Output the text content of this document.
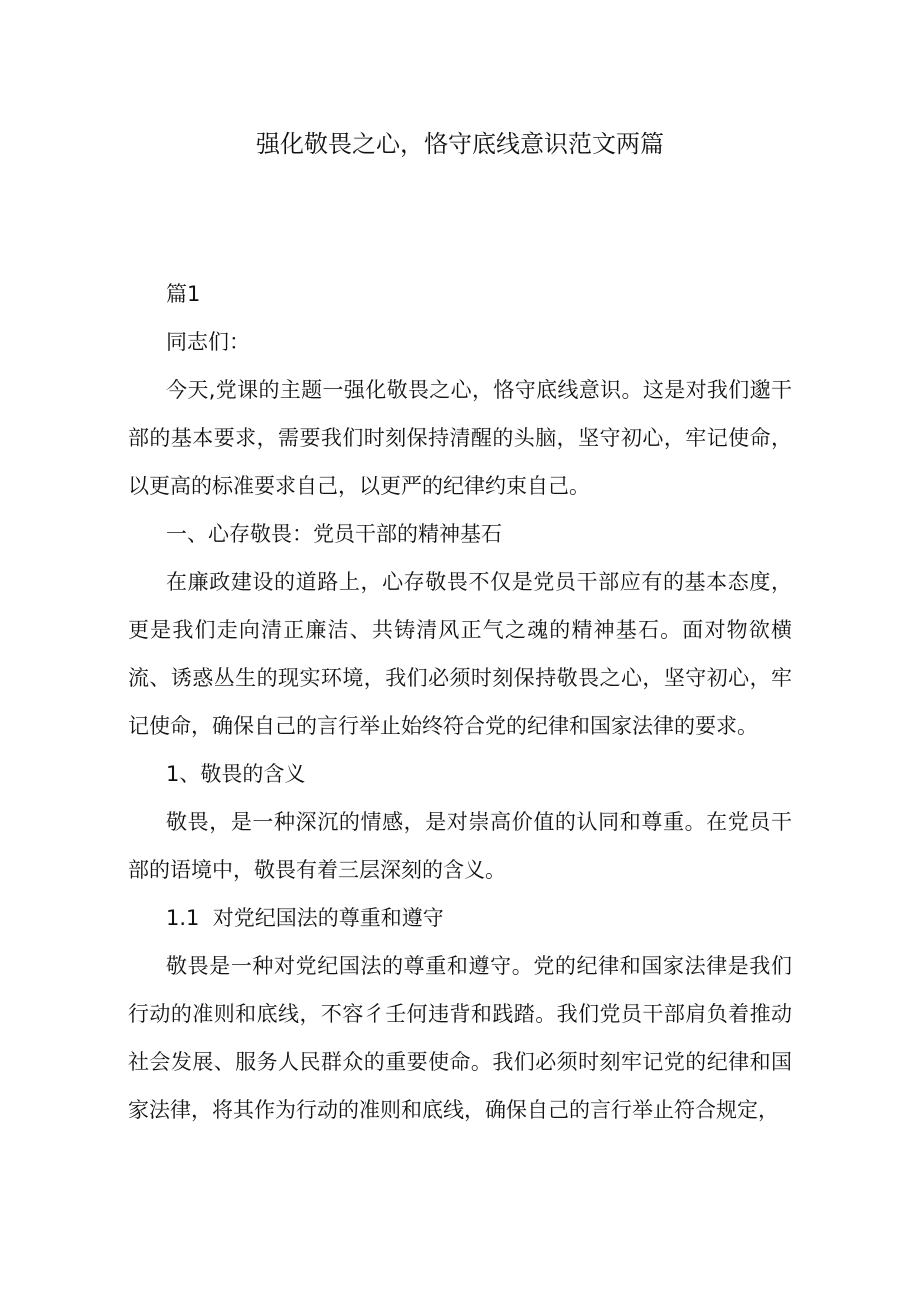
强化敬畏之心，恪守底线意识范文两篇

篇1

同志们：

今天,党课的主题一强化敬畏之心，恪守底线意识。这是对我们邈干部的基本要求，需要我们时刻保持清醒的头脑，坚守初心，牢记使命，以更高的标准要求自己，以更严的纪律约束自己。

一、心存敬畏：党员干部的精神基石

在廉政建设的道路上，心存敬畏不仅是党员干部应有的基本态度，更是我们走向清正廉洁、共铸清风正气之魂的精神基石。面对物欲横流、诱惑丛生的现实环境，我们必须时刻保持敬畏之心，坚守初心，牢记使命，确保自己的言行举止始终符合党的纪律和国家法律的要求。

1、敬畏的含义

敬畏，是一种深沉的情感，是对崇高价值的认同和尊重。在党员干部的语境中，敬畏有着三层深刻的含义。

1.1  对党纪国法的尊重和遵守

敬畏是一种对党纪国法的尊重和遵守。党的纪律和国家法律是我们行动的准则和底线，不容彳壬何违背和践踏。我们党员干部肩负着推动社会发展、服务人民群众的重要使命。我们必须时刻牢记党的纪律和国家法律，将其作为行动的准则和底线，确保自己的言行举止符合规定，
